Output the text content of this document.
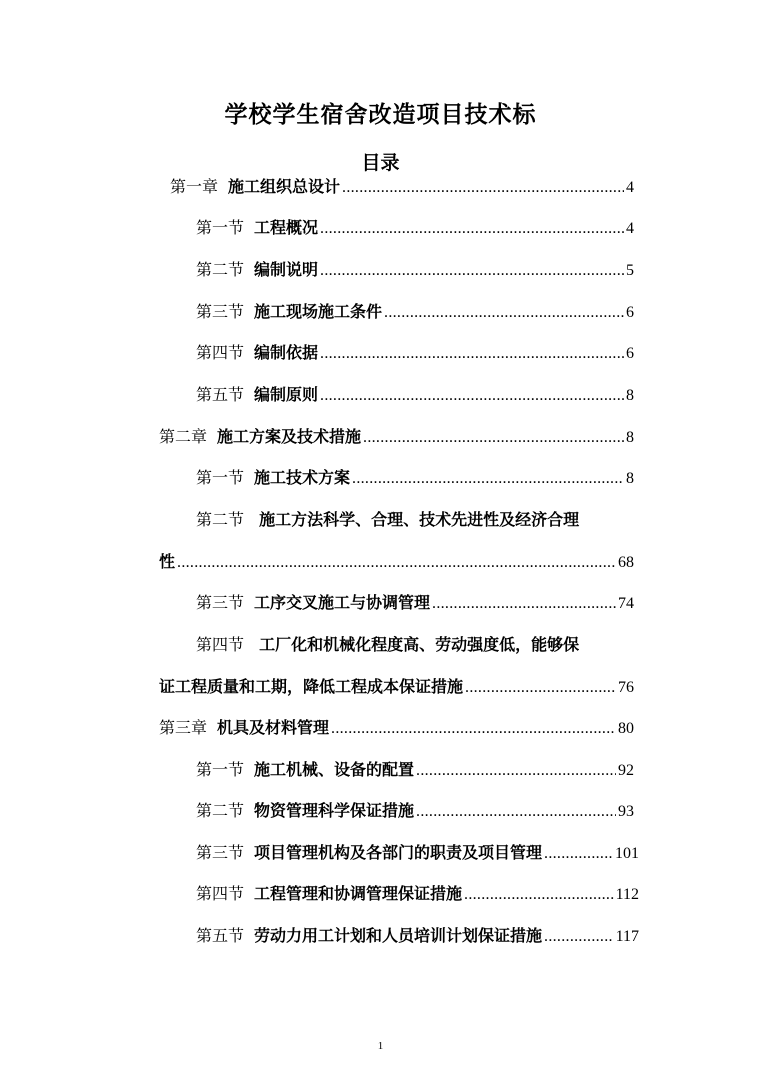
学校学生宿舍改造项目技术标
目录
第一章 施工组织总设计 .....	4
第一节 工程概况 .....	4
第二节 编制说明 .....	5
第三节 施工现场施工条件 .....	6
第四节 编制依据 .....	6
第五节 编制原则 .....	8
第二章 施工方案及技术措施 .....	8
第一节 施工技术方案 .....	8
第二节 施工方法科学、合理、技术先进性及经济合理
性 .....	68
第三节 工序交叉施工与协调管理 .....	74
第四节 工厂化和机械化程度高、劳动强度低，能够保
证工程质量和工期，降低工程成本保证措施 .....	76
第三章 机具及材料管理 .....	80
第一节 施工机械、设备的配置 .....	92
第二节 物资管理科学保证措施 .....	93
第三节 项目管理机构及各部门的职责及项目管理 .....	101
第四节 工程管理和协调管理保证措施 .....	112
第五节 劳动力用工计划和人员培训计划保证措施 .....	117
1
